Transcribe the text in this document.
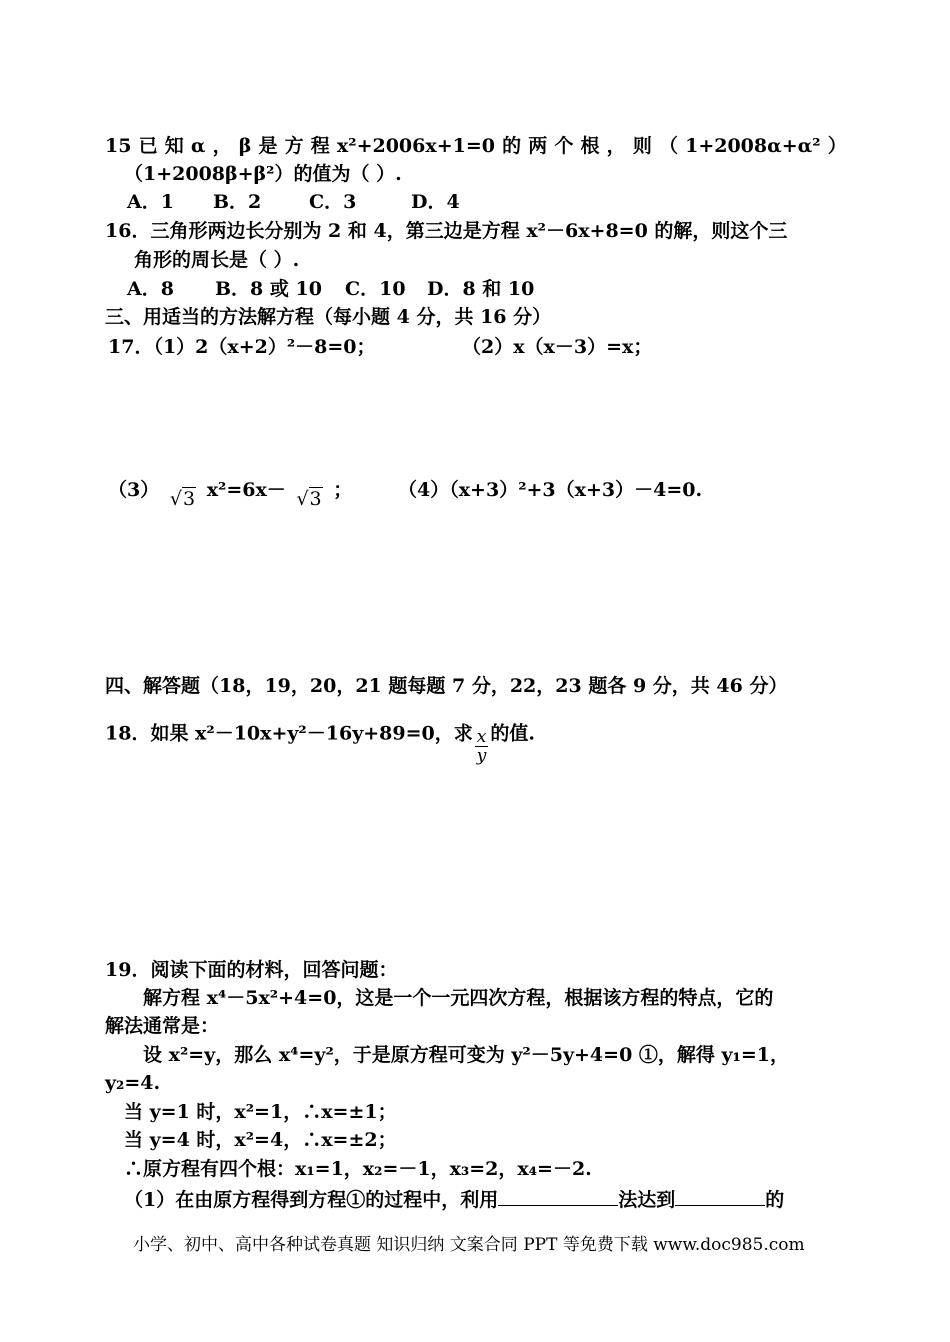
15 已 知 α ， β 是 方 程 x²+2006x+1=0 的 两 个 根 ， 则 （ 1+2008α+α² ）
（1+2008β+β²）的值为（ ）.
A．1 B．2	C．3	D．4
16．三角形两边长分别为 2 和 4，第三边是方程 x²－6x+8=0 的解，则这个三
角形的周长是（ ）.
A．8 B．8 或 10 C．10 D．8 和 10
三、用适当的方法解方程（每小题 4 分，共 16 分）
17．（1）2（x+2）²－8=0；	（2）x（x－3）=x；
（3） √3 x²=6x－ √3 ； （4）（x+3）²+3（x+3）－4=0.
四、解答题（18，19，20，21 题每题 7 分，22，23 题各 9 分，共 46 分）
18．如果 x²－10x+y²－16y+89=0，求 $\frac{x}{y}$ 的值.
19．阅读下面的材料，回答问题：
解方程 x⁴－5x²+4=0，这是一个一元四次方程，根据该方程的特点，它的
解法通常是：
设 x²=y，那么 x⁴=y²，于是原方程可变为 y²－5y+4=0 ①，解得 y₁=1，
y₂=4.
当 y=1 时，x²=1，∴x=±1；
当 y=4 时，x²=4，∴x=±2；
∴原方程有四个根：x₁=1，x₂=－1，x₃=2，x₄=－2.
（1）在由原方程得到方程①的过程中，利用	法达到	的
小学、初中、高中各种试卷真题 知识归纳 文案合同 PPT 等免费下载 www.doc985.com
